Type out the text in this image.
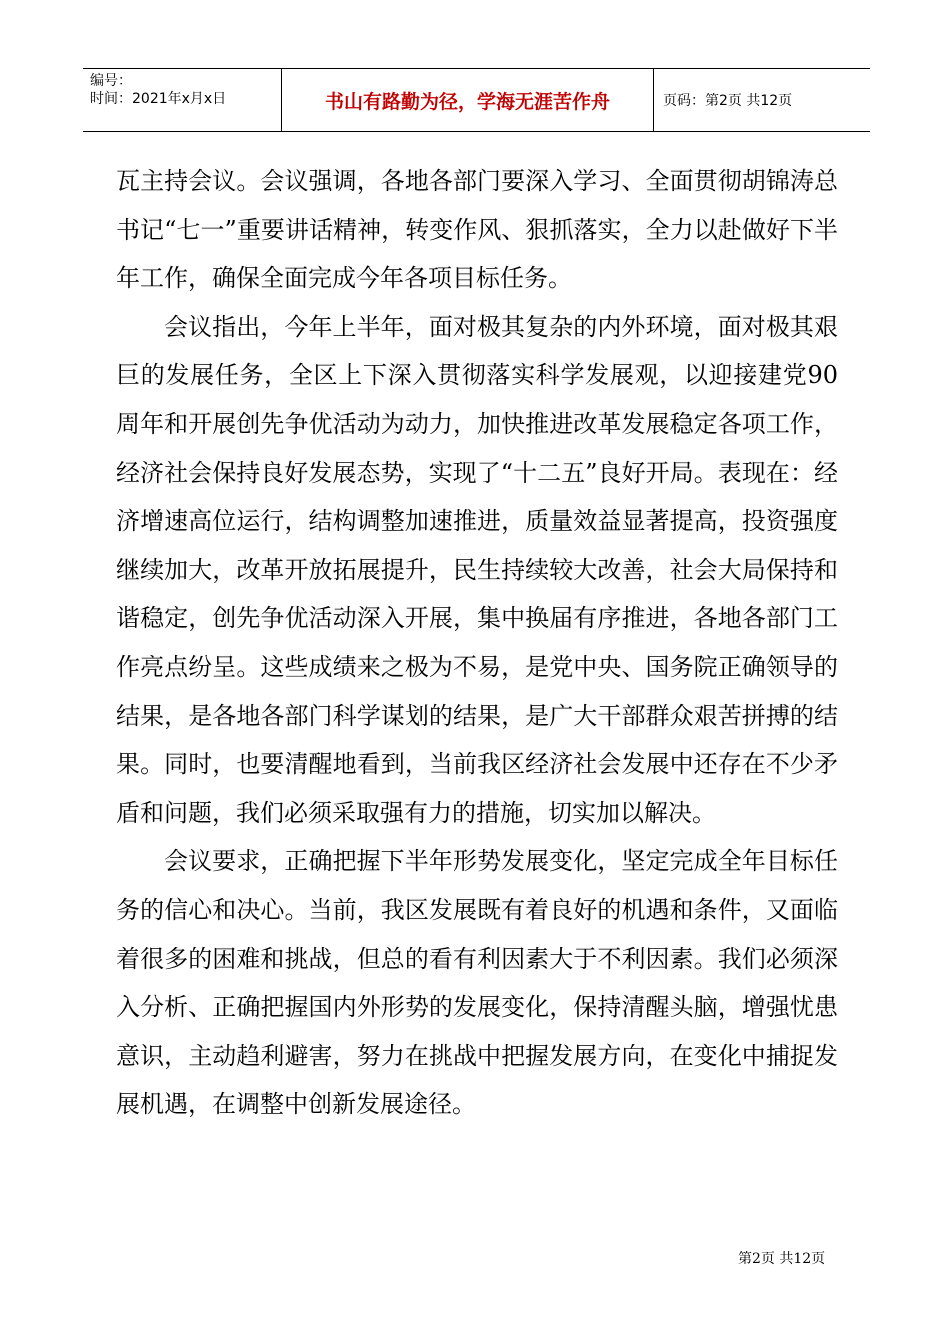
编号：
时间：2021年x月x日	书山有路勤为径，学海无涯苦作舟	页码：第2页 共12页

瓦主持会议。会议强调，各地各部门要深入学习、全面贯彻胡锦涛总书记“七一”重要讲话精神，转变作风、狠抓落实，全力以赴做好下半年工作，确保全面完成今年各项目标任务。

会议指出，今年上半年，面对极其复杂的内外环境，面对极其艰巨的发展任务，全区上下深入贯彻落实科学发展观，以迎接建党90周年和开展创先争优活动为动力，加快推进改革发展稳定各项工作，经济社会保持良好发展态势，实现了“十二五”良好开局。表现在：经济增速高位运行，结构调整加速推进，质量效益显著提高，投资强度继续加大，改革开放拓展提升，民生持续较大改善，社会大局保持和谐稳定，创先争优活动深入开展，集中换届有序推进，各地各部门工作亮点纷呈。这些成绩来之极为不易，是党中央、国务院正确领导的结果，是各地各部门科学谋划的结果，是广大干部群众艰苦拼搏的结果。同时，也要清醒地看到，当前我区经济社会发展中还存在不少矛盾和问题，我们必须采取强有力的措施，切实加以解决。

会议要求，正确把握下半年形势发展变化，坚定完成全年目标任务的信心和决心。当前，我区发展既有着良好的机遇和条件，又面临着很多的困难和挑战，但总的看有利因素大于不利因素。我们必须深入分析、正确把握国内外形势的发展变化，保持清醒头脑，增强忧患意识，主动趋利避害，努力在挑战中把握发展方向，在变化中捕捉发展机遇，在调整中创新发展途径。

第2页 共12页
